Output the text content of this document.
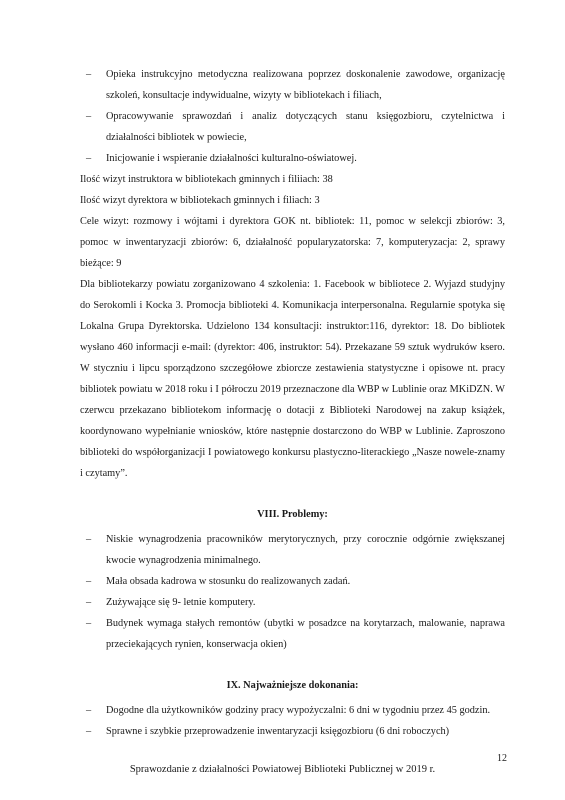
– Opieka instrukcyjno metodyczna realizowana poprzez doskonalenie zawodowe, organizację szkoleń, konsultacje indywidualne, wizyty w bibliotekach i filiach,

– Opracowywanie sprawozdań i analiz dotyczących stanu księgozbioru, czytelnictwa i działalności bibliotek w powiecie,

– Inicjowanie i wspieranie działalności kulturalno-oświatowej.

Ilość wizyt instruktora w bibliotekach gminnych i filiiach: 38

Ilość wizyt dyrektora w bibliotekach gminnych i filiach: 3

Cele wizyt: rozmowy i wójtami i dyrektora GOK nt. bibliotek: 11, pomoc w selekcji zbiorów: 3, pomoc w inwentaryzacji zbiorów: 6, działalność popularyzatorska: 7, komputeryzacja: 2, sprawy bieżące: 9

Dla bibliotekarzy powiatu zorganizowano 4 szkolenia: 1. Facebook w bibliotece 2. Wyjazd studyjny do Serokomli i Kocka 3. Promocja biblioteki 4. Komunikacja interpersonalna. Regularnie spotyka się Lokalna Grupa Dyrektorska. Udzielono 134 konsultacji: instruktor:116, dyrektor: 18. Do bibliotek wysłano 460 informacji e-mail: (dyrektor: 406, instruktor: 54). Przekazane 59 sztuk wydruków ksero. W styczniu i lipcu sporządzono szczegółowe zbiorcze zestawienia statystyczne i opisowe nt. pracy bibliotek powiatu w 2018 roku i I półroczu 2019 przeznaczone dla WBP w Lublinie oraz MKiDZN. W czerwcu przekazano bibliotekom informację o dotacji z Biblioteki Narodowej na zakup książek, koordynowano wypełnianie wniosków, które następnie dostarczono do WBP w Lublinie. Zaproszono biblioteki do współorganizacji I powiatowego konkursu plastyczno-literackiego „Nasze nowele-znamy i czytamy”.

VIII. Problemy:

– Niskie wynagrodzenia pracowników merytorycznych, przy corocznie odgórnie zwiększanej kwocie wynagrodzenia minimalnego.

– Mała obsada kadrowa w stosunku do realizowanych zadań.

– Zużywające się 9- letnie komputery.

– Budynek wymaga stałych remontów (ubytki w posadzce na korytarzach, malowanie, naprawa przeciekających rynien, konserwacja okien)

IX. Najważniejsze dokonania:

– Dogodne dla użytkowników godziny pracy wypożyczalni: 6 dni w tygodniu przez 45 godzin.

– Sprawne i szybkie przeprowadzenie inwentaryzacji księgozbioru (6 dni roboczych)

12
Sprawozdanie z działalności Powiatowej Biblioteki Publicznej w 2019 r.
